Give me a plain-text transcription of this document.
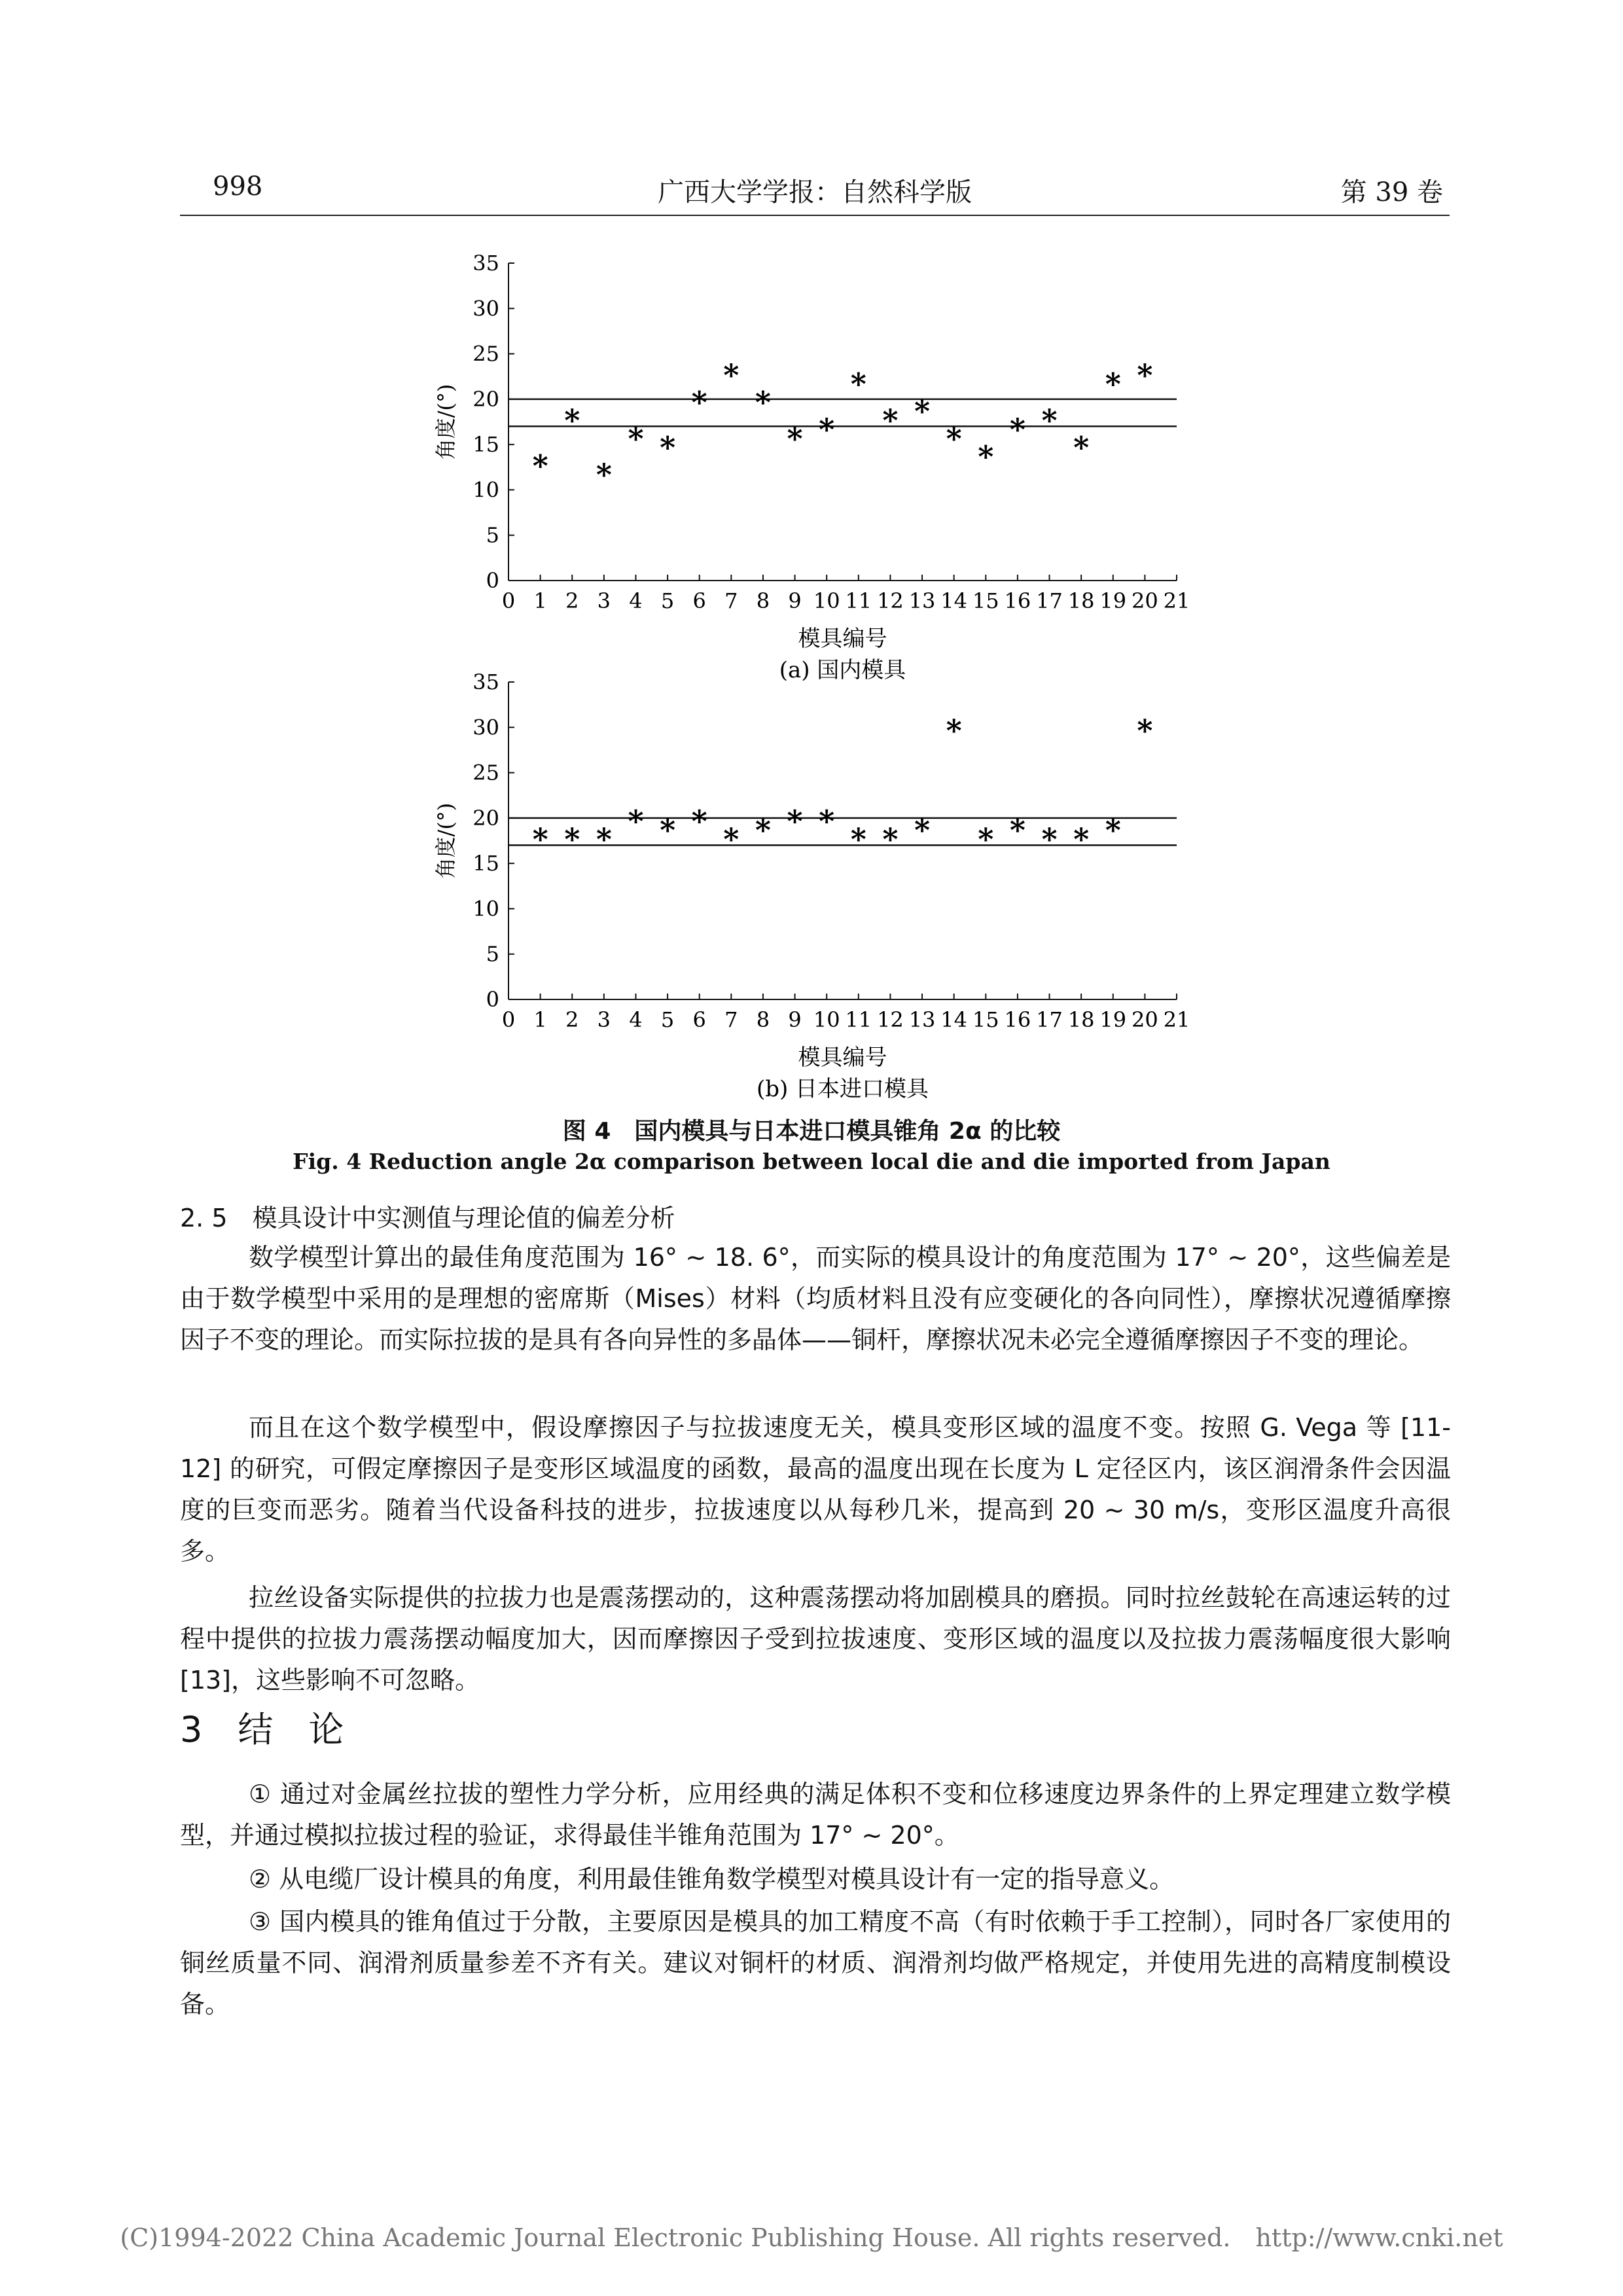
998	广西大学学报：自然科学版	第 39 卷
0
5
10
15
20
25
30
35
0 1 2 3 4 5 6 7 8 9 10 11 12 13 14 15 16 17 18 19 20 21
*
*
*
* *
*
*
*
* *
*
* *
*
*
* *
*
* *
角度/(°)
模具编号
(a) 国内模具
0
5
10
15
20
25
30
35
0 1 2 3 4 5 6 7 8 9 10 11 12 13 14 15 16 17 18 19 20 21
* * *
* * *
* * * *
* * *
*
* * * * *
*
角度/(°)
模具编号
(b) 日本进口模具
图 4　国内模具与日本进口模具锥角 2α 的比较
Fig. 4 Reduction angle 2α comparison between local die and die imported from Japan
2. 5　模具设计中实测值与理论值的偏差分析
数学模型计算出的最佳角度范围为 16° ~ 18. 6°，而实际的模具设计的角度范围为 17° ~ 20°，这些偏差是由于数学模型中采用的是理想的密席斯（Mises）材料（均质材料且没有应变硬化的各向同性），摩擦状况遵循摩擦因子不变的理论。而实际拉拔的是具有各向异性的多晶体——铜杆，摩擦状况未必完全遵循摩擦因子不变的理论。
而且在这个数学模型中，假设摩擦因子与拉拔速度无关，模具变形区域的温度不变。按照 G. Vega 等 [11-12] 的研究，可假定摩擦因子是变形区域温度的函数，最高的温度出现在长度为 L 定径区内，该区润滑条件会因温度的巨变而恶劣。随着当代设备科技的进步，拉拔速度以从每秒几米，提高到 20 ~ 30 m/s，变形区温度升高很多。
拉丝设备实际提供的拉拔力也是震荡摆动的，这种震荡摆动将加剧模具的磨损。同时拉丝鼓轮在高速运转的过程中提供的拉拔力震荡摆动幅度加大，因而摩擦因子受到拉拔速度、变形区域的温度以及拉拔力震荡幅度很大影响 [13]，这些影响不可忽略。
3　结　论
① 通过对金属丝拉拔的塑性力学分析，应用经典的满足体积不变和位移速度边界条件的上界定理建立数学模型，并通过模拟拉拔过程的验证，求得最佳半锥角范围为 17° ~ 20°。
② 从电缆厂设计模具的角度，利用最佳锥角数学模型对模具设计有一定的指导意义。
③ 国内模具的锥角值过于分散，主要原因是模具的加工精度不高（有时依赖于手工控制），同时各厂家使用的铜丝质量不同、润滑剂质量参差不齐有关。建议对铜杆的材质、润滑剂均做严格规定，并使用先进的高精度制模设备。
(C)1994-2022 China Academic Journal Electronic Publishing House. All rights reserved.　http://www.cnki.net
